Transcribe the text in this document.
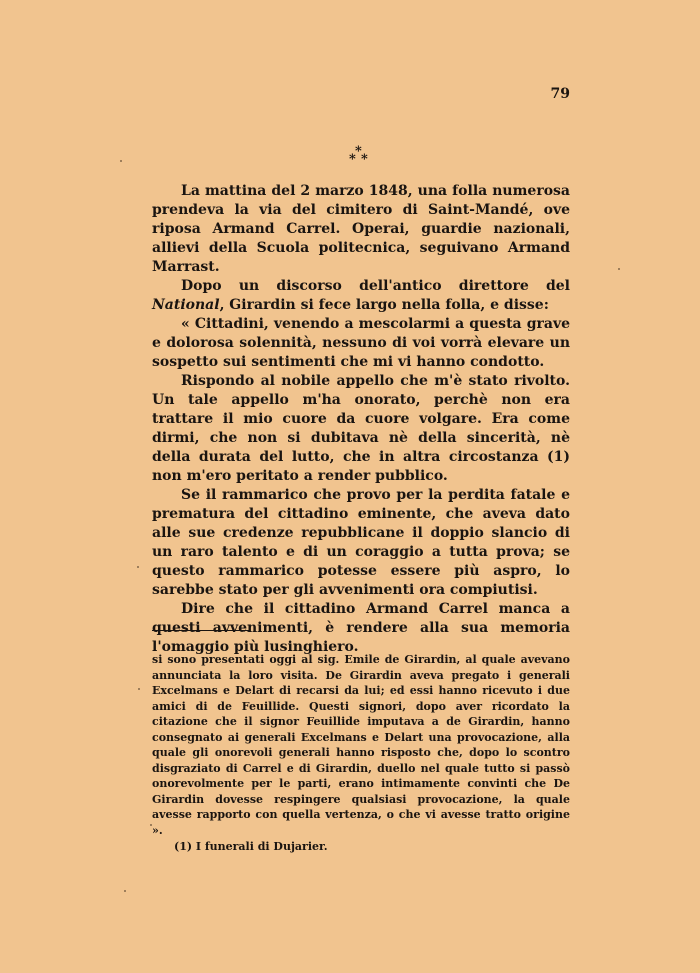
79
*
* *

La mattina del 2 marzo 1848, una folla numerosa prendeva la via del cimitero di Saint-Mandé, ove riposa Armand Carrel. Operai, guardie nazionali, allievi della Scuola politecnica, seguivano Armand Marrast.

Dopo un discorso dell'antico direttore del National, Girardin si fece largo nella folla, e disse:

« Cittadini, venendo a mescolarmi a questa grave e dolorosa solennità, nessuno di voi vorrà elevare un sospetto sui sentimenti che mi vi hanno condotto.

Rispondo al nobile appello che m'è stato rivolto. Un tale appello m'ha onorato, perchè non era trattare il mio cuore da cuore volgare. Era come dirmi, che non si dubitava nè della sincerità, nè della durata del lutto, che in altra circostanza (1) non m'ero peritato a render pubblico.

Se il rammarico che provo per la perdita fatale e prematura del cittadino eminente, che aveva dato alle sue credenze repubblicane il doppio slancio di un raro talento e di un coraggio a tutta prova; se questo rammarico potesse essere più aspro, lo sarebbe stato per gli avvenimenti ora compiutisi.

Dire che il cittadino Armand Carrel manca a questi avvenimenti, è rendere alla sua memoria l'omaggio più lusinghiero.

si sono presentati oggi al sig. Emile de Girardin, al quale avevano annunciata la loro visita. De Girardin aveva pregato i generali Excelmans e Delart di recarsi da lui; ed essi hanno ricevuto i due amici di de Feuillide. Questi signori, dopo aver ricordato la citazione che il signor Feuillide imputava a de Girardin, hanno consegnato ai generali Excelmans e Delart una provocazione, alla quale gli onorevoli generali hanno risposto che, dopo lo scontro disgraziato di Carrel e di Girardin, duello nel quale tutto si passò onorevolmente per le parti, erano intimamente convinti che De Girardin dovesse respingere qualsiasi provocazione, la quale avesse rapporto con quella vertenza, o che vi avesse tratto origine ».

(1) I funerali di Dujarier.
